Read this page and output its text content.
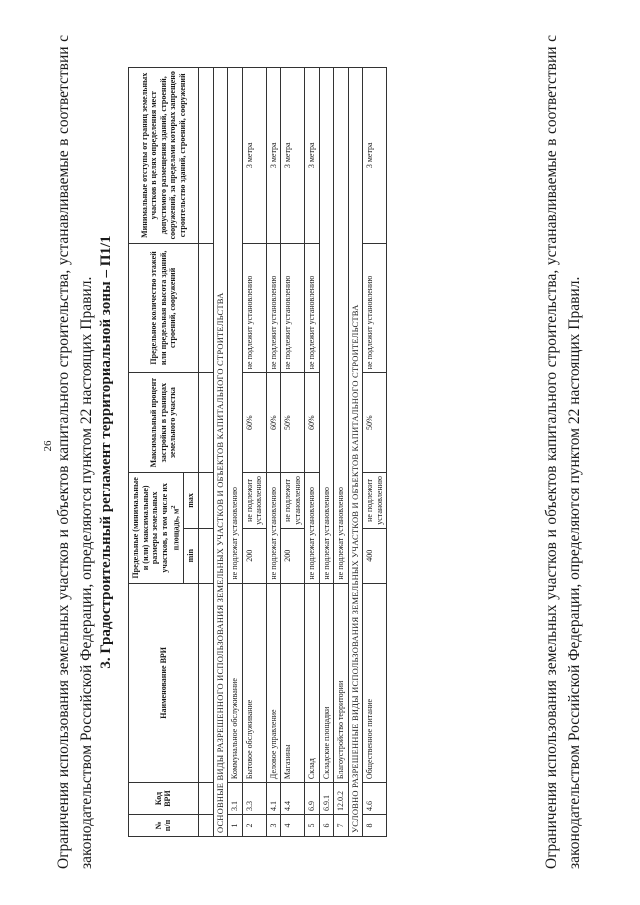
26 Ограничения использования земельных участков и объектов капитального строительства, устанавливаемые в соответствии с законодательством Российской Федерации, определяются пунктом 22 настоящих Правил. 3. Градостроительный регламент территориальной зоны – П1/1
№ п/п	Код ВРИ	Наименование ВРИ	Предельные (минимальные и (или) максимальные) размеры земельных участков, в том числе их площадь, $м^2$		Максимальный процент застройки в границах земельного участка	Предельное количество этажей или предельная высота зданий, строений, сооружений	Минимальные отступы от границ земельных участков в целях определения мест допустимого размещения зданий, строений, сооружений, за пределами которых запрещено строительство зданий, строений, сооружений
			min	max			

ОСНОВНЫЕ ВИДЫ РАЗРЕШЕННОГО ИСПОЛЬЗОВАНИЯ ЗЕМЕЛЬНЫХ УЧАСТКОВ И ОБЪЕКТОВ КАПИТАЛЬНОГО СТРОИТЕЛЬСТВА							
1	3.1	Коммунальное обслуживание	не подлежат установлению				
2	3.3	Бытовое обслуживание	200	не подлежит установлению	60%	не подлежит установлению	3 метра
3	4.1	Деловое управление	не подлежат установлению		60%	не подлежит установлению	3 метра
4	4.4	Магазины	200	не подлежит установлению	50%	не подлежит установлению	3 метра
5	6.9	Склад	не подлежат установлению		60%	не подлежит установлению	3 метра
6	6.9.1	Складские площадки	не подлежат установлению				
7	12.0.2	Благоустройство территории	не подлежат установлению				
УСЛОВНО РАЗРЕШЕННЫЕ ВИДЫ ИСПОЛЬЗОВАНИЯ ЗЕМЕЛЬНЫХ УЧАСТКОВ И ОБЪЕКТОВ КАПИТАЛЬНОГО СТРОИТЕЛЬСТВА							
8	4.6	Общественное питание	400	не подлежит установлению	50%	не подлежит установлению	3 метра	Ограничения использования земельных участков и объектов капитального строительства, устанавливаемые в соответствии с законодательством Российской Федерации, определяются пунктом 22 настоящих Правил.
